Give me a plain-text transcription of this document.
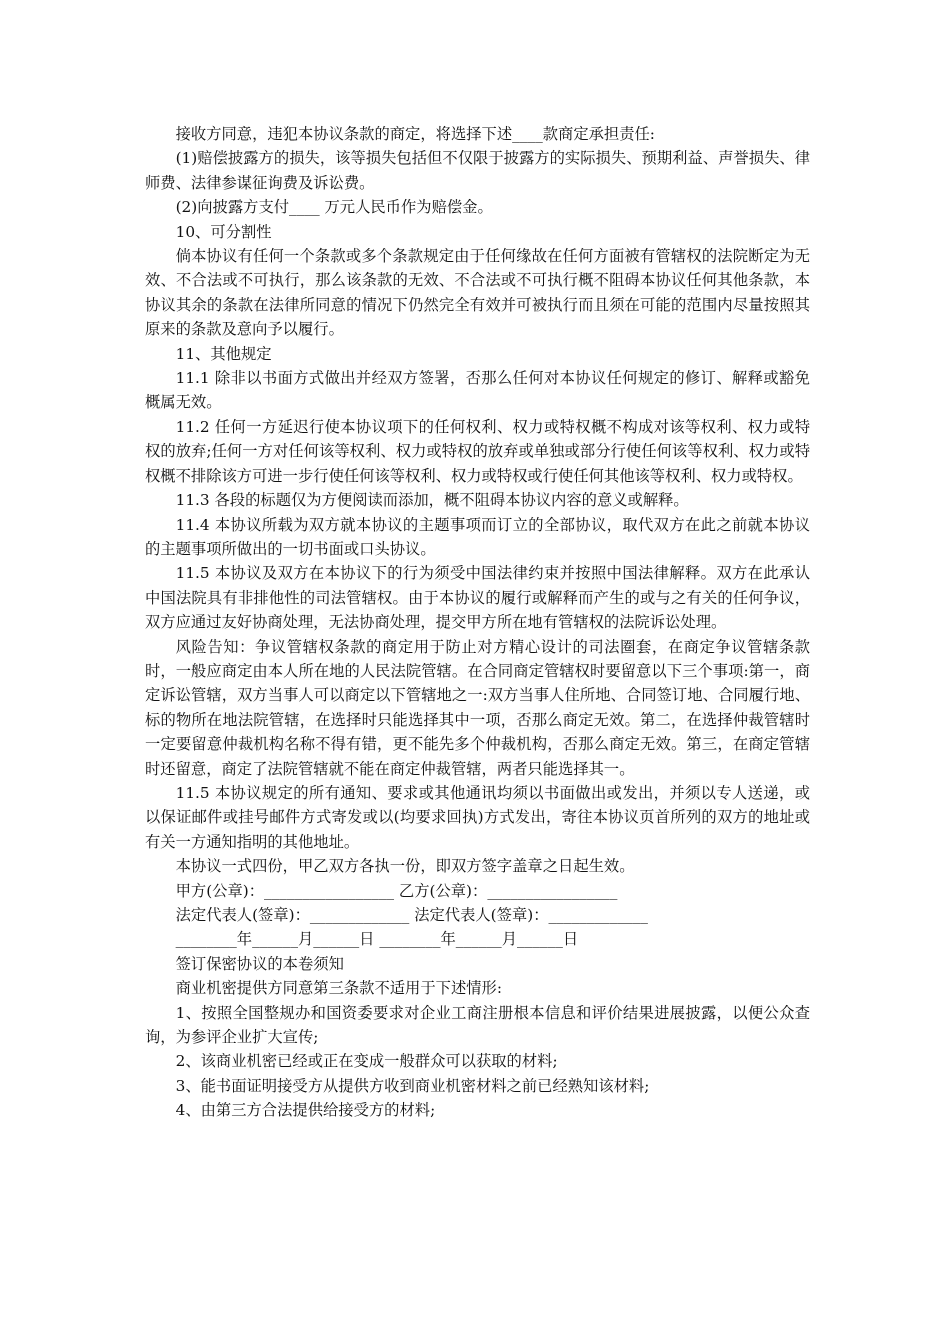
接收方同意，违犯本协议条款的商定，将选择下述____款商定承担责任:

(1)赔偿披露方的损失，该等损失包括但不仅限于披露方的实际损失、预期利益、声誉损失、律师费、法律参谋征询费及诉讼费。

(2)向披露方支付____ 万元人民币作为赔偿金。

10、可分割性

倘本协议有任何一个条款或多个条款规定由于任何缘故在任何方面被有管辖权的法院断定为无效、不合法或不可执行，那么该条款的无效、不合法或不可执行概不阻碍本协议任何其他条款，本协议其余的条款在法律所同意的情况下仍然完全有效并可被执行而且须在可能的范围内尽量按照其原来的条款及意向予以履行。

11、其他规定

11.1 除非以书面方式做出并经双方签署，否那么任何对本协议任何规定的修订、解释或豁免概属无效。

11.2 任何一方延迟行使本协议项下的任何权利、权力或特权概不构成对该等权利、权力或特权的放弃;任何一方对任何该等权利、权力或特权的放弃或单独或部分行使任何该等权利、权力或特权概不排除该方可进一步行使任何该等权利、权力或特权或行使任何其他该等权利、权力或特权。

11.3 各段的标题仅为方便阅读而添加，概不阻碍本协议内容的意义或解释。

11.4 本协议所载为双方就本协议的主题事项而订立的全部协议，取代双方在此之前就本协议的主题事项所做出的一切书面或口头协议。

11.5 本协议及双方在本协议下的行为须受中国法律约束并按照中国法律解释。双方在此承认中国法院具有非排他性的司法管辖权。由于本协议的履行或解释而产生的或与之有关的任何争议，双方应通过友好协商处理，无法协商处理，提交甲方所在地有管辖权的法院诉讼处理。

风险告知：争议管辖权条款的商定用于防止对方精心设计的司法圈套，在商定争议管辖条款时，一般应商定由本人所在地的人民法院管辖。在合同商定管辖权时要留意以下三个事项:第一，商定诉讼管辖，双方当事人可以商定以下管辖地之一:双方当事人住所地、合同签订地、合同履行地、标的物所在地法院管辖，在选择时只能选择其中一项，否那么商定无效。第二，在选择仲裁管辖时一定要留意仲裁机构名称不得有错，更不能先多个仲裁机构，否那么商定无效。第三，在商定管辖时还留意，商定了法院管辖就不能在商定仲裁管辖，两者只能选择其一。

11.5 本协议规定的所有通知、要求或其他通讯均须以书面做出或发出，并须以专人送递，或以保证邮件或挂号邮件方式寄发或以(均要求回执)方式发出，寄往本协议页首所列的双方的地址或有关一方通知指明的其他地址。

本协议一式四份，甲乙双方各执一份，即双方签字盖章之日起生效。

甲方(公章)：_________________ 乙方(公章)：_________________

法定代表人(签章)：_____________ 法定代表人(签章)：_____________

________年______月______日 ________年______月______日

签订保密协议的本卷须知

商业机密提供方同意第三条款不适用于下述情形:

1、按照全国整规办和国资委要求对企业工商注册根本信息和评价结果进展披露，以便公众查询，为参评企业扩大宣传;

2、该商业机密已经或正在变成一般群众可以获取的材料;

3、能书面证明接受方从提供方收到商业机密材料之前已经熟知该材料;

4、由第三方合法提供给接受方的材料;
